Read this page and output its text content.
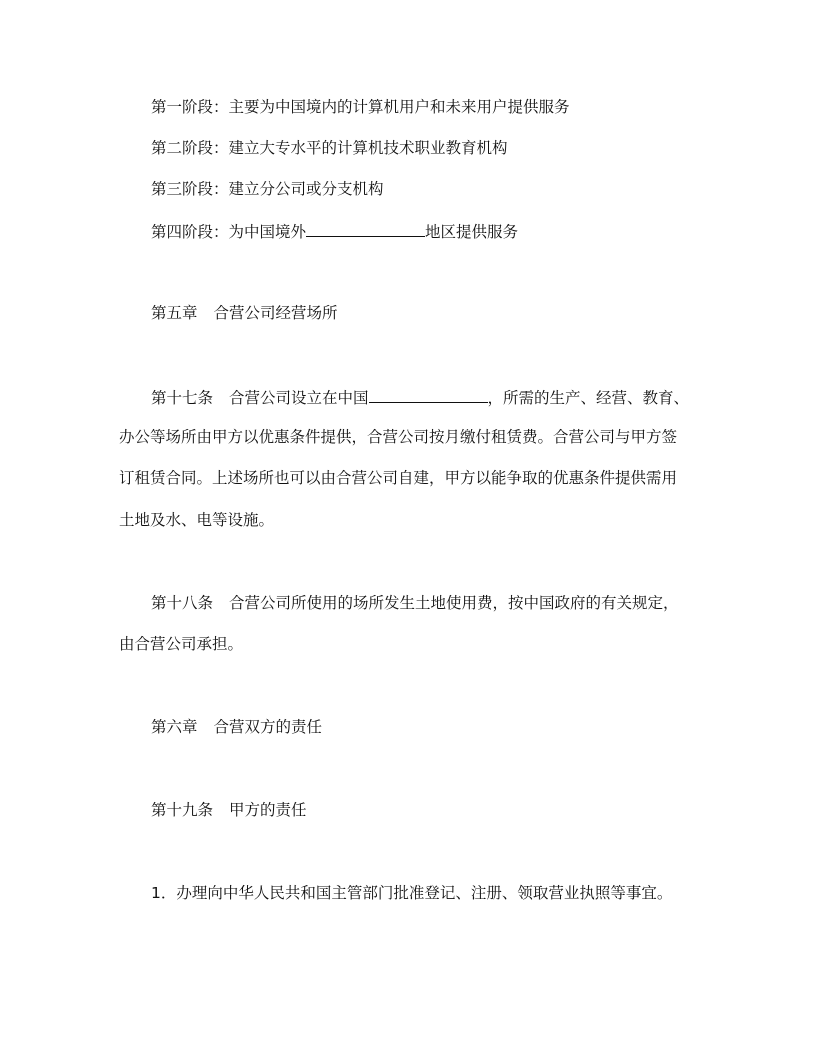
第一阶段：主要为中国境内的计算机用户和未来用户提供服务
第二阶段：建立大专水平的计算机技术职业教育机构
第三阶段：建立分公司或分支机构
第四阶段：为中国境外	地区提供服务
第五章 合营公司经营场所
第十七条 合营公司设立在中国	，所需的生产、经营、教育、
办公等场所由甲方以优惠条件提供，合营公司按月缴付租赁费。合营公司与甲方签
订租赁合同。上述场所也可以由合营公司自建，甲方以能争取的优惠条件提供需用
土地及水、电等设施。
第十八条 合营公司所使用的场所发生土地使用费，按中国政府的有关规定，
由合营公司承担。
第六章 合营双方的责任
第十九条 甲方的责任
1．办理向中华人民共和国主管部门批准登记、注册、领取营业执照等事宜。
